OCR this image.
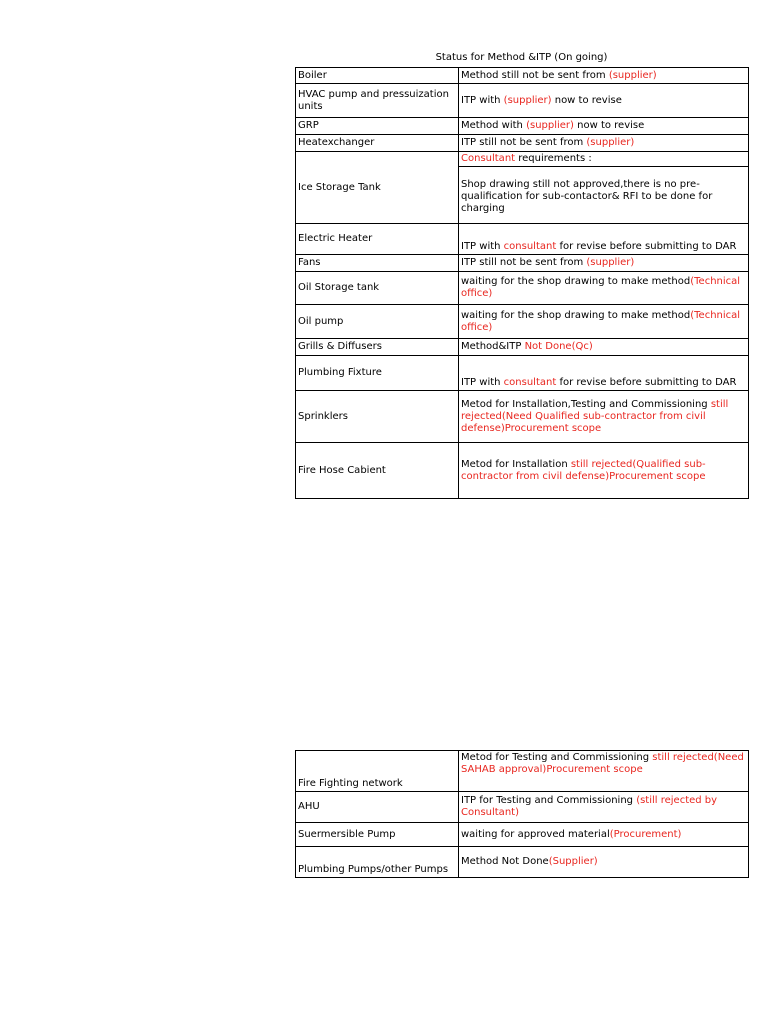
Status for Method &ITP (On going)
Boiler	Method still not be sent from (supplier)
HVAC pump and pressuization units	ITP with (supplier) now to revise
GRP	Method with (supplier) now to revise
Heatexchanger	ITP still not be sent from (supplier)
Ice Storage Tank	Consultant requirements :
Shop drawing still not approved,there is no pre-qualification for sub-contactor& RFI to be done for charging

Electric Heater	ITP with consultant for revise before submitting to DAR
Fans	ITP still not be sent from (supplier)
Oil Storage tank	waiting for the shop drawing to make method(Technical office)
Oil pump	waiting for the shop drawing to make method(Technical office)
Grills & Diffusers	Method&ITP Not Done(Qc)
Plumbing Fixture	ITP with consultant for revise before submitting to DAR
Sprinklers	Metod for Installation,Testing and Commissioning still rejected(Need Qualified sub-contractor from civil defense)Procurement scope
Fire Hose Cabient	Metod for Installation still rejected(Qualified sub-contractor from civil defense)Procurement scope
Fire Fighting network	Metod for Testing and Commissioning still rejected(Need SAHAB approval)Procurement scope
AHU	ITP for Testing and Commissioning (still rejected by Consultant)
Suermersible Pump	waiting for approved material(Procurement)
Plumbing Pumps/other Pumps	Method Not Done(Supplier)
